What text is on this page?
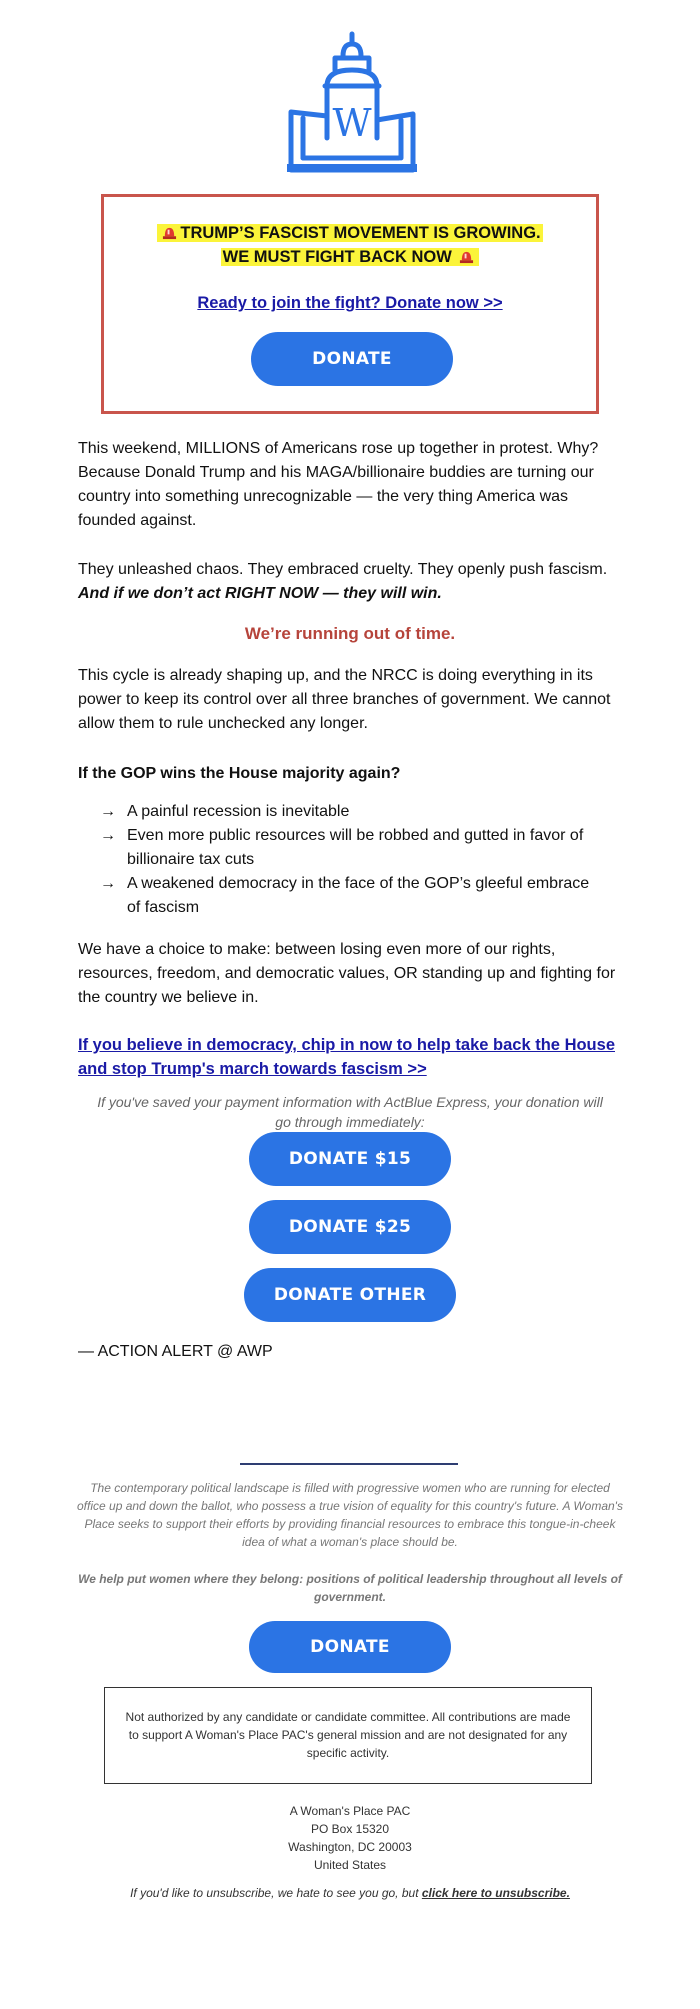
W
TRUMP’S FASCIST MOVEMENT IS GROWING.
WE MUST FIGHT BACK NOW
Ready to join the fight? Donate now >>
DONATE

This weekend, MILLIONS of Americans rose up together in protest. Why? Because Donald Trump and his MAGA/billionaire buddies are turning our country into something unrecognizable — the very thing America was founded against.

They unleashed chaos. They embraced cruelty. They openly push fascism.

And if we don’t act RIGHT NOW — they will win.

We’re running out of time.

This cycle is already shaping up, and the NRCC is doing everything in its power to keep its control over all three branches of government. We cannot allow them to rule unchecked any longer.

If the GOP wins the House majority again?

→ A painful recession is inevitable
→ Even more public resources will be robbed and gutted in favor of billionaire tax cuts
→ A weakened democracy in the face of the GOP’s gleeful embrace of fascism

We have a choice to make: between losing even more of our rights, resources, freedom, and democratic values, OR standing up and fighting for the country we believe in.

If you believe in democracy, chip in now to help take back the House and stop Trump's march towards fascism >>

If you've saved your payment information with ActBlue Express, your donation will go through immediately:

DONATE $15
DONATE $25
DONATE OTHER
— ACTION ALERT @ AWP

The contemporary political landscape is filled with progressive women who are running for elected office up and down the ballot, who possess a true vision of equality for this country's future. A Woman's Place seeks to support their efforts by providing financial resources to embrace this tongue-in-cheek idea of what a woman's place should be.

We help put women where they belong: positions of political leadership throughout all levels of government.

DONATE
Not authorized by any candidate or candidate committee. All contributions are made to support A Woman's Place PAC's general mission and are not designated for any specific activity.
A Woman's Place PAC
PO Box 15320
Washington, DC 20003
United States
If you'd like to unsubscribe, we hate to see you go, but click here to unsubscribe.
